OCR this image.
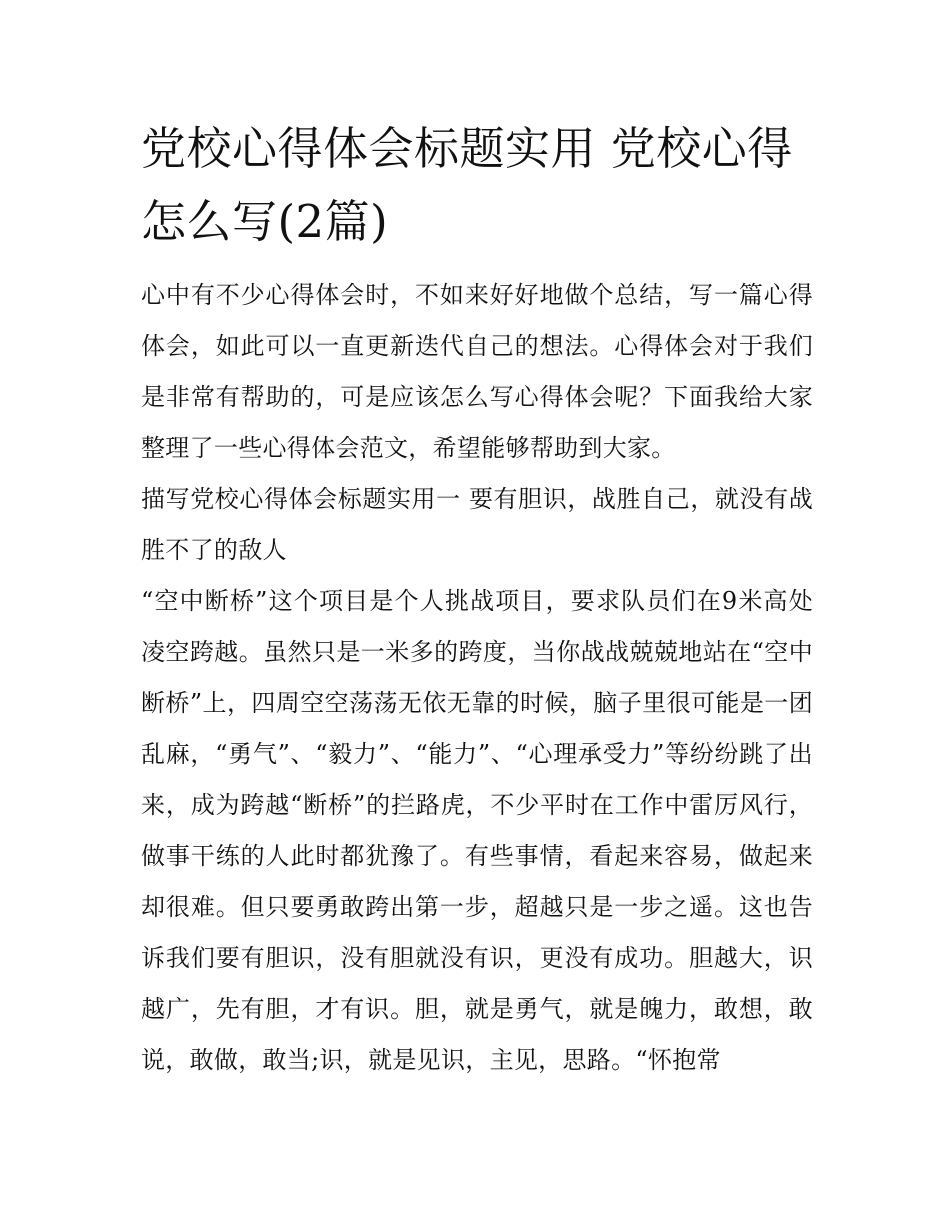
党校心得体会标题实用 党校心得怎么写(2篇)

心中有不少心得体会时，不如来好好地做个总结，写一篇心得体会，如此可以一直更新迭代自己的想法。心得体会对于我们是非常有帮助的，可是应该怎么写心得体会呢？下面我给大家整理了一些心得体会范文，希望能够帮助到大家。

描写党校心得体会标题实用一 要有胆识，战胜自己，就没有战胜不了的敌人

“空中断桥”这个项目是个人挑战项目，要求队员们在9米高处凌空跨越。虽然只是一米多的跨度，当你战战兢兢地站在“空中断桥”上，四周空空荡荡无依无靠的时候，脑子里很可能是一团乱麻，“勇气”、“毅力”、“能力”、“心理承受力”等纷纷跳了出来，成为跨越“断桥”的拦路虎，不少平时在工作中雷厉风行，做事干练的人此时都犹豫了。有些事情，看起来容易，做起来却很难。但只要勇敢跨出第一步，超越只是一步之遥。这也告诉我们要有胆识，没有胆就没有识，更没有成功。胆越大，识越广，先有胆，才有识。胆，就是勇气，就是魄力，敢想，敢说，敢做，敢当;识，就是见识，主见，思路。“怀抱常
